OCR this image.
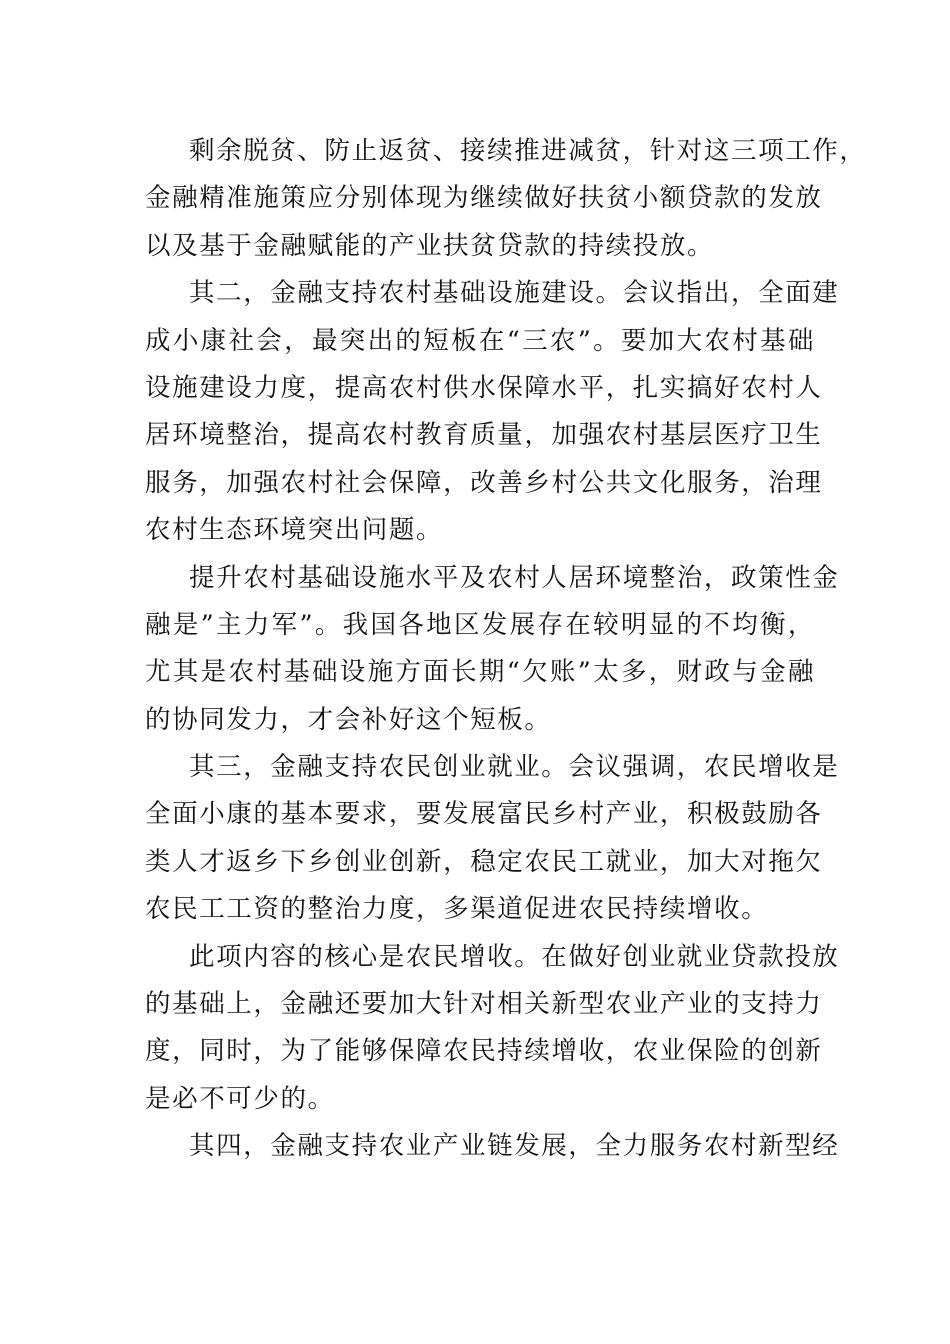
剩余脱贫、防止返贫、接续推进减贫，针对这三项工作，
金融精准施策应分别体现为继续做好扶贫小额贷款的发放
以及基于金融赋能的产业扶贫贷款的持续投放。
其二，金融支持农村基础设施建设。会议指出，全面建
成小康社会，最突出的短板在“三农”。要加大农村基础
设施建设力度，提高农村供水保障水平，扎实搞好农村人
居环境整治，提高农村教育质量，加强农村基层医疗卫生
服务，加强农村社会保障，改善乡村公共文化服务，治理
农村生态环境突出问题。
提升农村基础设施水平及农村人居环境整治，政策性金
融是”主力军”。我国各地区发展存在较明显的不均衡，
尤其是农村基础设施方面长期“欠账”太多，财政与金融
的协同发力，才会补好这个短板。
其三，金融支持农民创业就业。会议强调，农民增收是
全面小康的基本要求，要发展富民乡村产业，积极鼓励各
类人才返乡下乡创业创新，稳定农民工就业，加大对拖欠
农民工工资的整治力度，多渠道促进农民持续增收。
此项内容的核心是农民增收。在做好创业就业贷款投放
的基础上，金融还要加大针对相关新型农业产业的支持力
度，同时，为了能够保障农民持续增收，农业保险的创新
是必不可少的。
其四，金融支持农业产业链发展，全力服务农村新型经
